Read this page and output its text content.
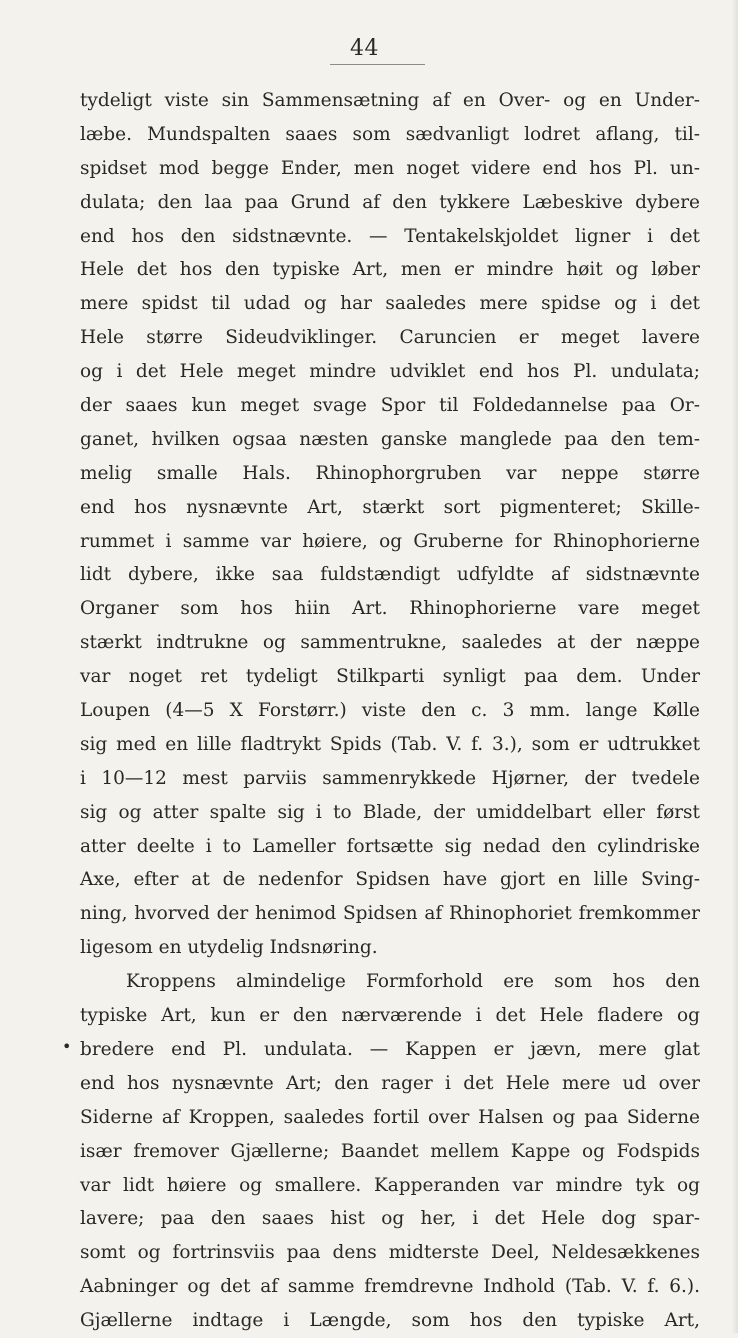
44
•
tydeligt viste sin Sammensætning af en Over- og en Under-
læbe. Mundspalten saaes som sædvanligt lodret aflang, til-
spidset mod begge Ender, men noget videre end hos Pl. un-
dulata; den laa paa Grund af den tykkere Læbeskive dybere
end hos den sidstnævnte. — Tentakelskjoldet ligner i det
Hele det hos den typiske Art, men er mindre høit og løber
mere spidst til udad og har saaledes mere spidse og i det
Hele større Sideudviklinger. Caruncien er meget lavere
og i det Hele meget mindre udviklet end hos Pl. undulata;
der saaes kun meget svage Spor til Foldedannelse paa Or-
ganet, hvilken ogsaa næsten ganske manglede paa den tem-
melig smalle Hals. Rhinophorgruben var neppe større
end hos nysnævnte Art, stærkt sort pigmenteret; Skille-
rummet i samme var høiere, og Gruberne for Rhinophorierne
lidt dybere, ikke saa fuldstændigt udfyldte af sidstnævnte
Organer som hos hiin Art. Rhinophorierne vare meget
stærkt indtrukne og sammentrukne, saaledes at der næppe
var noget ret tydeligt Stilkparti synligt paa dem. Under
Loupen (4—5 X Forstørr.) viste den c. 3 mm. lange Kølle
sig med en lille fladtrykt Spids (Tab. V. f. 3.), som er udtrukket
i 10—12 mest parviis sammenrykkede Hjørner, der tvedele
sig og atter spalte sig i to Blade, der umiddelbart eller først
atter deelte i to Lameller fortsætte sig nedad den cylindriske
Axe, efter at de nedenfor Spidsen have gjort en lille Sving-
ning, hvorved der henimod Spidsen af Rhinophoriet fremkommer
ligesom en utydelig Indsnøring.
Kroppens almindelige Formforhold ere som hos den
typiske Art, kun er den nærværende i det Hele fladere og
bredere end Pl. undulata. — Kappen er jævn, mere glat
end hos nysnævnte Art; den rager i det Hele mere ud over
Siderne af Kroppen, saaledes fortil over Halsen og paa Siderne
især fremover Gjællerne; Baandet mellem Kappe og Fodspids
var lidt høiere og smallere. Kapperanden var mindre tyk og
lavere; paa den saaes hist og her, i det Hele dog spar-
somt og fortrinsviis paa dens midterste Deel, Neldesækkenes
Aabninger og det af samme fremdrevne Indhold (Tab. V. f. 6.).
Gjællerne indtage i Længde, som hos den typiske Art,
